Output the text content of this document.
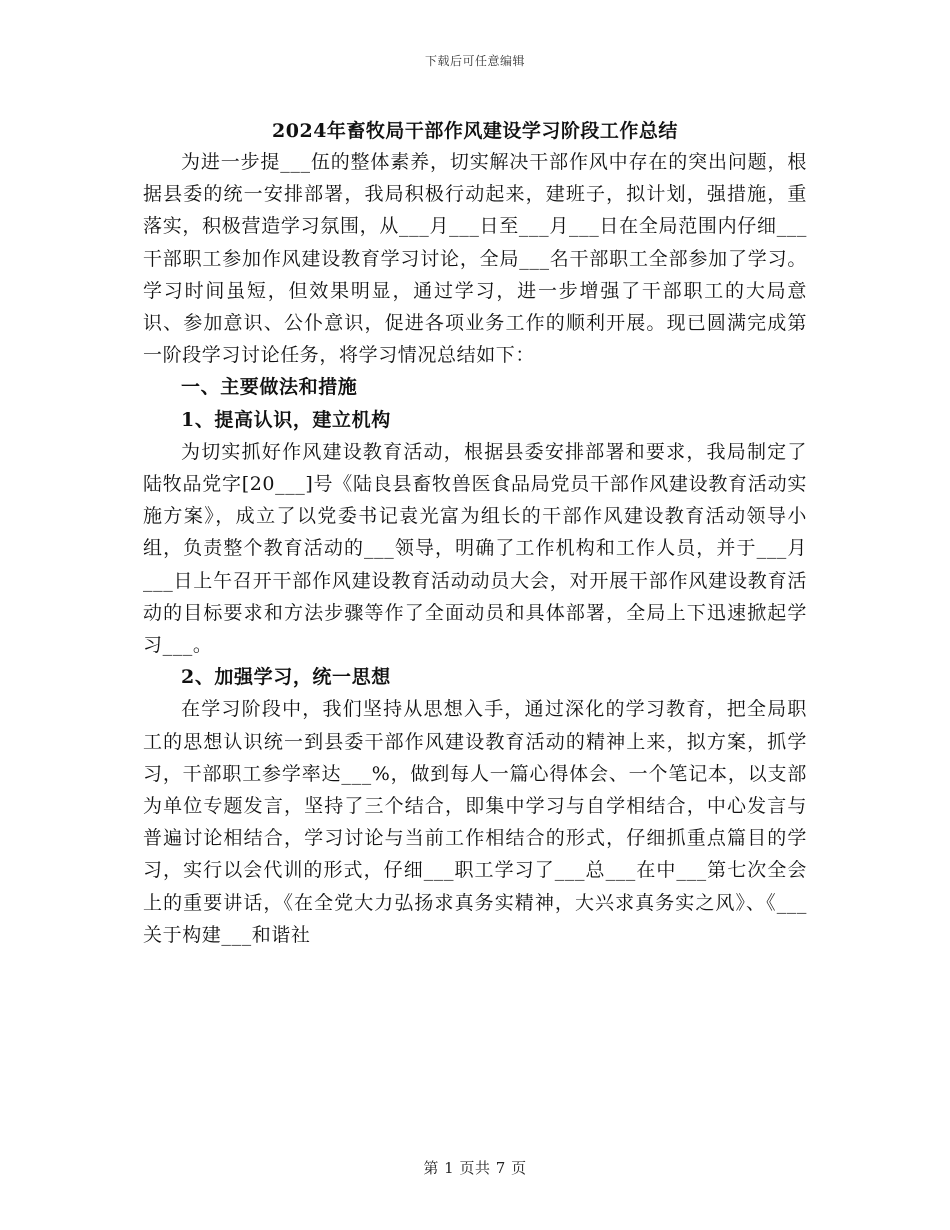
下载后可任意编辑
2024年畜牧局干部作风建设学习阶段工作总结

为进一步提___伍的整体素养，切实解决干部作风中存在的突出问题，根据县委的统一安排部署，我局积极行动起来，建班子，拟计划，强措施，重落实，积极营造学习氛围，从___月___日至___月___日在全局范围内仔细___干部职工参加作风建设教育学习讨论，全局___名干部职工全部参加了学习。学习时间虽短，但效果明显，通过学习，进一步增强了干部职工的大局意识、参加意识、公仆意识，促进各项业务工作的顺利开展。现已圆满完成第一阶段学习讨论任务，将学习情况总结如下：

一、主要做法和措施

1、提高认识，建立机构

为切实抓好作风建设教育活动，根据县委安排部署和要求，我局制定了陆牧品党字[20___]号《陆良县畜牧兽医食品局党员干部作风建设教育活动实施方案》，成立了以党委书记袁光富为组长的干部作风建设教育活动领导小组，负责整个教育活动的___领导，明确了工作机构和工作人员，并于___月___日上午召开干部作风建设教育活动动员大会，对开展干部作风建设教育活动的目标要求和方法步骤等作了全面动员和具体部署，全局上下迅速掀起学习___。

2、加强学习，统一思想

在学习阶段中，我们坚持从思想入手，通过深化的学习教育，把全局职工的思想认识统一到县委干部作风建设教育活动的精神上来，拟方案，抓学习，干部职工参学率达___%，做到每人一篇心得体会、一个笔记本，以支部为单位专题发言，坚持了三个结合，即集中学习与自学相结合，中心发言与普遍讨论相结合，学习讨论与当前工作相结合的形式，仔细抓重点篇目的学习，实行以会代训的形式，仔细___职工学习了___总___在中___第七次全会上的重要讲话，《在全党大力弘扬求真务实精神，大兴求真务实之风》、《___关于构建___和谐社

第 1 页共 7 页
